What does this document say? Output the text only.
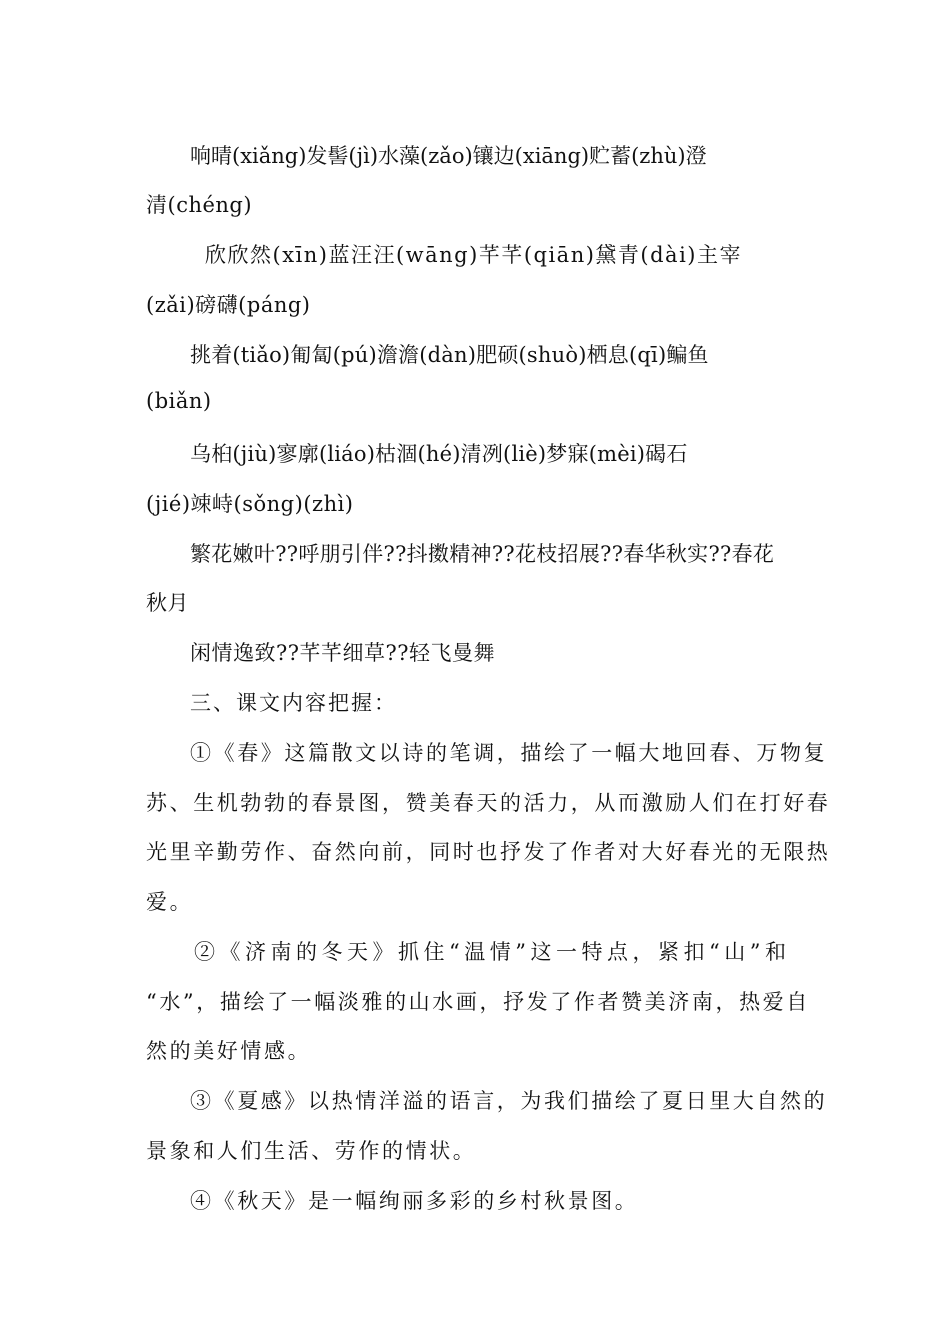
响晴(xiǎng)发髻(jì)水藻(zǎo)镶边(xiāng)贮蓄(zhù)澄
清(chéng)
欣欣然(xīn)蓝汪汪(wāng)芊芊(qiān)黛青(dài)主宰
(zǎi)磅礴(páng)
挑着(tiǎo)匍匐(pú)澹澹(dàn)肥硕(shuò)栖息(qī)鳊鱼
(biǎn)
乌桕(jiù)寥廓(liáo)枯涸(hé)清冽(liè)梦寐(mèi)碣石
(jié)竦峙(sǒng)(zhì)
繁花嫩叶??呼朋引伴??抖擞精神??花枝招展??春华秋实??春花
秋月
闲情逸致??芊芊细草??轻飞曼舞
三、课文内容把握：
①《春》这篇散文以诗的笔调，描绘了一幅大地回春、万物复
苏、生机勃勃的春景图，赞美春天的活力，从而激励人们在打好春
光里辛勤劳作、奋然向前，同时也抒发了作者对大好春光的无限热
爱。
②《济南的冬天》抓住“温情”这一特点，紧扣“山”和
“水”，描绘了一幅淡雅的山水画，抒发了作者赞美济南，热爱自
然的美好情感。
③《夏感》以热情洋溢的语言，为我们描绘了夏日里大自然的
景象和人们生活、劳作的情状。
④《秋天》是一幅绚丽多彩的乡村秋景图。
